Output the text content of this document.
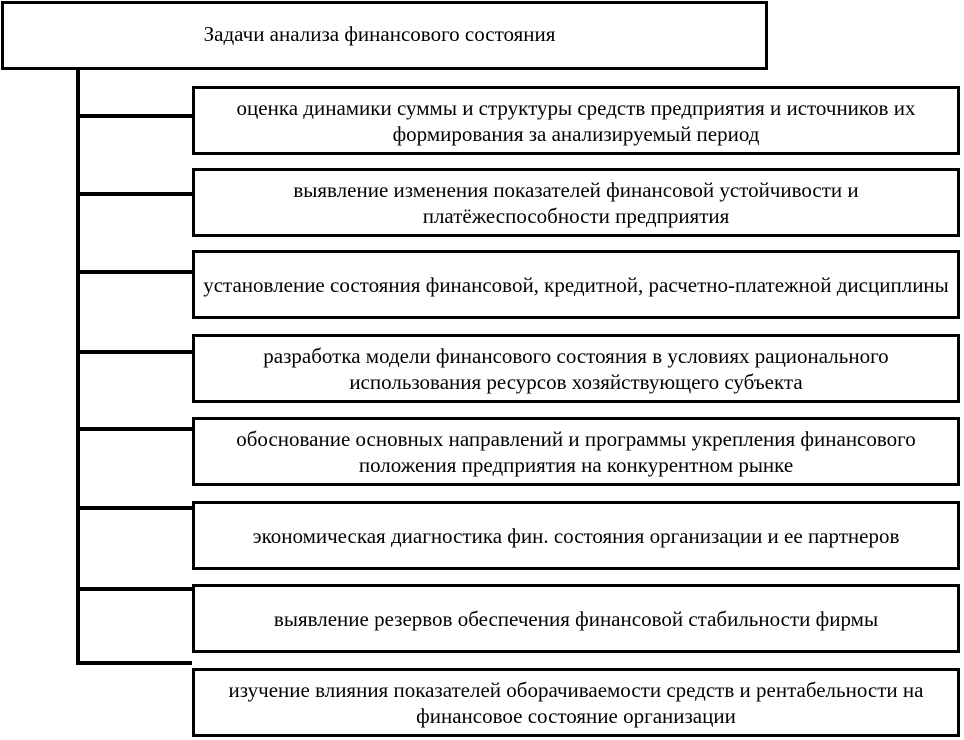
Задачи анализа финансового состояния
оценка динамики суммы и структуры средств предприятия и источников их формирования за анализируемый период
выявление изменения показателей финансовой устойчивости и платёжеспособности предприятия
установление состояния финансовой, кредитной, расчетно-платежной дисциплины
разработка модели финансового состояния в условиях рационального использования ресурсов хозяйствующего субъекта
обоснование основных направлений и программы укрепления финансового положения предприятия на конкурентном рынке
экономическая диагностика фин. состояния организации и ее партнеров
выявление резервов обеспечения финансовой стабильности фирмы
изучение влияния показателей оборачиваемости средств и рентабельности на финансовое состояние организации
